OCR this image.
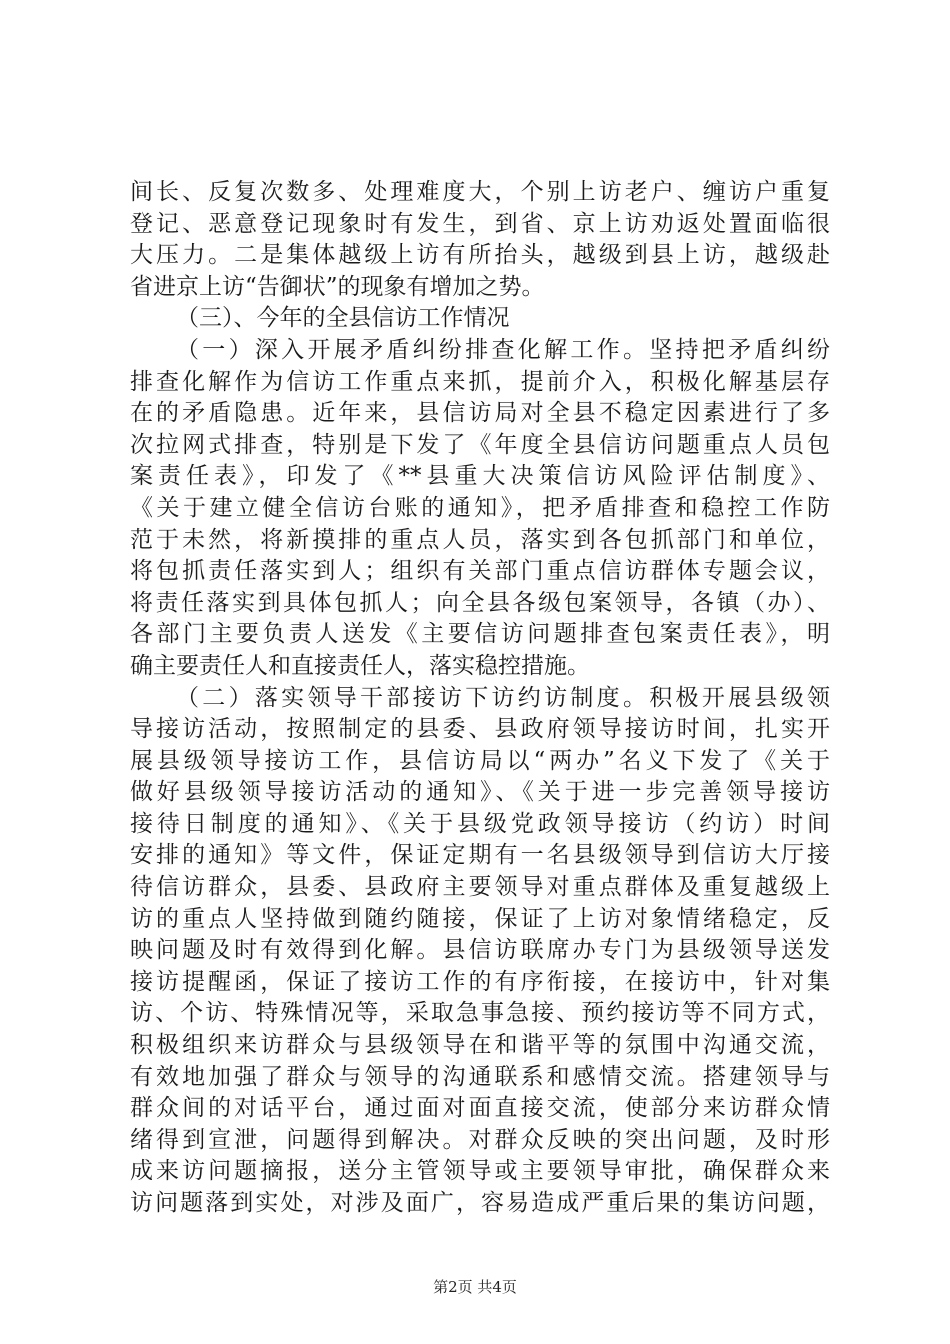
间长、反复次数多、处理难度大，个别上访老户、缠访户重复
登记、恶意登记现象时有发生，到省、京上访劝返处置面临很
大压力。二是集体越级上访有所抬头，越级到县上访，越级赴
省进京上访“告御状”的现象有增加之势。
（三）、今年的全县信访工作情况
（一）深入开展矛盾纠纷排查化解工作。坚持把矛盾纠纷
排查化解作为信访工作重点来抓，提前介入，积极化解基层存
在的矛盾隐患。近年来，县信访局对全县不稳定因素进行了多
次拉网式排查，特别是下发了《年度全县信访问题重点人员包
案责任表》，印发了《**县重大决策信访风险评估制度》、
《关于建立健全信访台账的通知》，把矛盾排查和稳控工作防
范于未然，将新摸排的重点人员，落实到各包抓部门和单位，
将包抓责任落实到人；组织有关部门重点信访群体专题会议，
将责任落实到具体包抓人；向全县各级包案领导，各镇（办）、
各部门主要负责人送发《主要信访问题排查包案责任表》，明
确主要责任人和直接责任人，落实稳控措施。
（二）落实领导干部接访下访约访制度。积极开展县级领
导接访活动，按照制定的县委、县政府领导接访时间，扎实开
展县级领导接访工作，县信访局以“两办”名义下发了《关于
做好县级领导接访活动的通知》、《关于进一步完善领导接访
接待日制度的通知》、《关于县级党政领导接访（约访）时间
安排的通知》等文件，保证定期有一名县级领导到信访大厅接
待信访群众，县委、县政府主要领导对重点群体及重复越级上
访的重点人坚持做到随约随接，保证了上访对象情绪稳定，反
映问题及时有效得到化解。县信访联席办专门为县级领导送发
接访提醒函，保证了接访工作的有序衔接，在接访中，针对集
访、个访、特殊情况等，采取急事急接、预约接访等不同方式，
积极组织来访群众与县级领导在和谐平等的氛围中沟通交流，
有效地加强了群众与领导的沟通联系和感情交流。搭建领导与
群众间的对话平台，通过面对面直接交流，使部分来访群众情
绪得到宣泄，问题得到解决。对群众反映的突出问题，及时形
成来访问题摘报，送分主管领导或主要领导审批，确保群众来
访问题落到实处，对涉及面广，容易造成严重后果的集访问题，
第2页 共4页
